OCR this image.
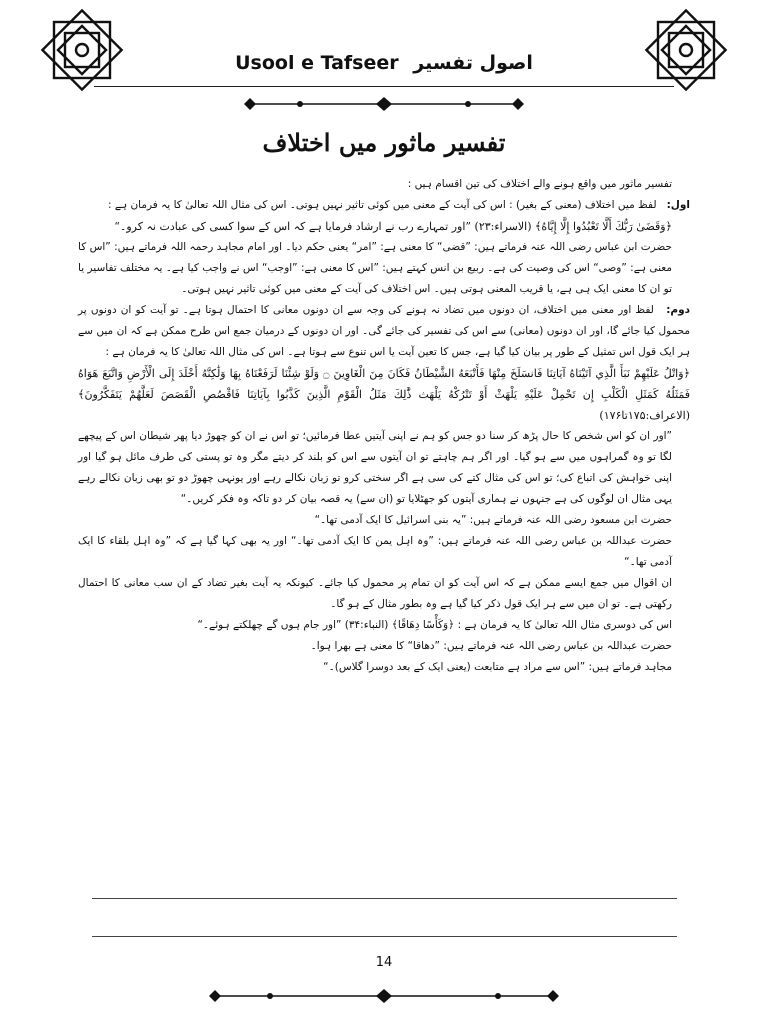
Usool e Tafseer اصول تفسیر
تفسیر ماثور میں اختلاف

تفسیر ماثور میں واقع ہونے والے اختلاف کی تین اقسام ہیں :

اول:   لفظ میں اختلاف (معنی کے بغیر) : اس کی آیت کے معنی میں کوئی تاثیر نہیں ہوتی۔ اس کی مثال اللہ تعالیٰ کا یہ فرمان ہے :

﴿وَقَضَىٰ رَبُّكَ أَلَّا تَعْبُدُوا إِلَّا إِيَّاهُ﴾ (الاسراء:۲۳) ”اور تمہارے رب نے ارشاد فرمایا ہے کہ اس کے سوا کسی کی عبادت نہ کرو۔“

حضرت ابن عباس رضی اللہ عنہ فرماتے ہیں: ”قضی“ کا معنی ہے: ”امر“ یعنی حکم دیا۔ اور امام مجاہد رحمہ اللہ فرماتے ہیں: ”اس کا معنی ہے: ”وصی“ اس کی وصیت کی ہے۔ ربیع بن انس کہتے ہیں: ”اس کا معنی ہے: ”اوجب“ اس نے واجب کیا ہے۔ یہ مختلف تفاسیر یا تو ان کا معنی ایک ہی ہے، یا قریب المعنی ہوتی ہیں۔ اس اختلاف کی آیت کے معنی میں کوئی تاثیر نہیں ہوتی۔

دوم:   لفظ اور معنی میں اختلاف، ان دونوں میں تضاد نہ ہونے کی وجہ سے ان دونوں معانی کا احتمال ہوتا ہے۔ تو آیت کو ان دونوں پر محمول کیا جائے گا، اور ان دونوں (معانی) سے اس کی تفسیر کی جائے گی۔ اور ان دونوں کے درمیان جمع اس طرح ممکن ہے کہ ان میں سے ہر ایک قول اس تمثیل کے طور پر بیان کیا گیا ہے، جس کا تعین آیت یا اس تنوع سے ہوتا ہے۔ اس کی مثال اللہ تعالیٰ کا یہ فرمان ہے :

﴿وَاتْلُ عَلَيْهِمْ نَبَأَ الَّذِي آتَيْنَاهُ آيَاتِنَا فَانسَلَخَ مِنْهَا فَأَتْبَعَهُ الشَّيْطَانُ فَكَانَ مِنَ الْغَاوِينَ ۝ وَلَوْ شِئْنَا لَرَفَعْنَاهُ بِهَا وَلَٰكِنَّهُ أَخْلَدَ إِلَى الْأَرْضِ وَاتَّبَعَ هَوَاهُ فَمَثَلُهُ كَمَثَلِ الْكَلْبِ إِن تَحْمِلْ عَلَيْهِ يَلْهَثْ أَوْ تَتْرُكْهُ يَلْهَث ذَّٰلِكَ مَثَلُ الْقَوْمِ الَّذِينَ كَذَّبُوا بِآيَاتِنَا فَاقْصُصِ الْقَصَصَ لَعَلَّهُمْ يَتَفَكَّرُونَ﴾ (الاعراف:۱۷۵تا۱۷۶)

”اور ان کو اس شخص کا حال پڑھ کر سنا دو جس کو ہم نے اپنی آیتیں عطا فرمائیں؛ تو اس نے ان کو چھوڑ دیا پھر شیطان اس کے پیچھے لگا تو وہ گمراہوں میں سے ہو گیا۔ اور اگر ہم چاہتے تو ان آیتوں سے اس کو بلند کر دیتے مگر وہ تو پستی کی طرف مائل ہو گیا اور اپنی خواہش کی اتباع کی؛ تو اس کی مثال کتے کی سی ہے اگر سختی کرو تو زبان نکالے رہے اور یونہی چھوڑ دو تو بھی زبان نکالے رہے یہی مثال ان لوگوں کی ہے جنہوں نے ہماری آیتوں کو جھٹلایا تو (ان سے) یہ قصہ بیان کر دو تاکہ وہ فکر کریں۔“

حضرت ابن مسعود رضی اللہ عنہ فرماتے ہیں: ”یہ بنی اسرائیل کا ایک آدمی تھا۔“

حضرت عبداللہ بن عباس رضی اللہ عنہ فرماتے ہیں: ”وہ اہل یمن کا ایک آدمی تھا۔“ اور یہ بھی کہا گیا ہے کہ ”وہ اہل بلقاء کا ایک آدمی تھا۔“

ان اقوال میں جمع ایسے ممکن ہے کہ اس آیت کو ان تمام پر محمول کیا جائے۔ کیونکہ یہ آیت بغیر تضاد کے ان سب معانی کا احتمال رکھتی ہے۔ تو ان میں سے ہر ایک قول ذکر کیا گیا ہے وہ بطور مثال کے ہو گا۔

اس کی دوسری مثال اللہ تعالیٰ کا یہ فرمان ہے : ﴿وَكَأْسًا دِهَاقًا﴾ (النباء:۳۴) ”اور جام ہوں گے چھلکتے ہوئے۔“

حضرت عبداللہ بن عباس رضی اللہ عنہ فرماتے ہیں: ”دھاقا“ کا معنی ہے بھرا ہوا۔

مجاہد فرماتے ہیں: ”اس سے مراد ہے متابعت (یعنی ایک کے بعد دوسرا گلاس)۔“

14
